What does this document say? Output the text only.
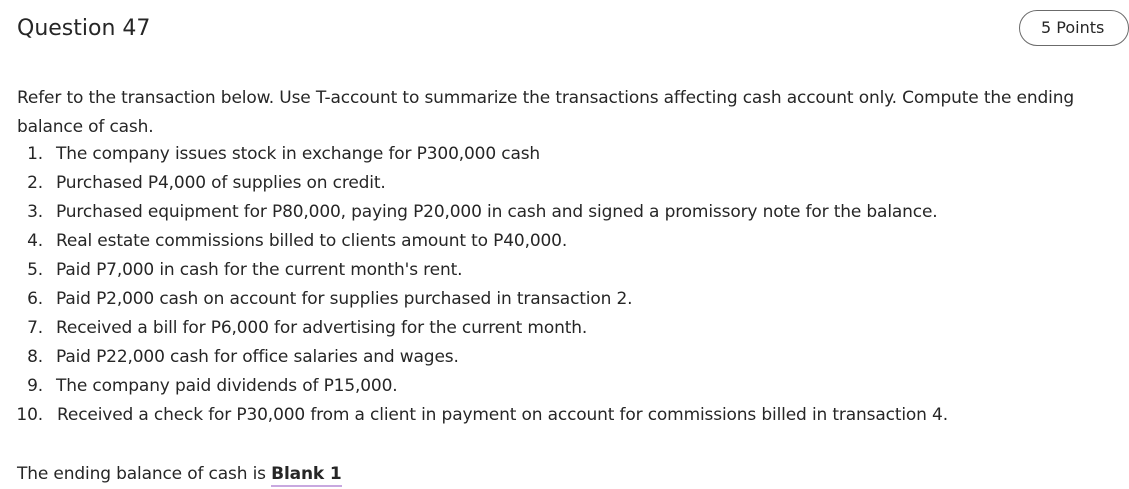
Question 47	5 Points

Refer to the transaction below. Use T-account to summarize the transactions affecting cash account only. Compute the ending balance of cash.

1. The company issues stock in exchange for P300,000 cash
2. Purchased P4,000 of supplies on credit.
3. Purchased equipment for P80,000, paying P20,000 in cash and signed a promissory note for the balance.
4. Real estate commissions billed to clients amount to P40,000.
5. Paid P7,000 in cash for the current month's rent.
6. Paid P2,000 cash on account for supplies purchased in transaction 2.
7. Received a bill for P6,000 for advertising for the current month.
8. Paid P22,000 cash for office salaries and wages.
9. The company paid dividends of P15,000.
10. Received a check for P30,000 from a client in payment on account for commissions billed in transaction 4.

The ending balance of cash is Blank 1
